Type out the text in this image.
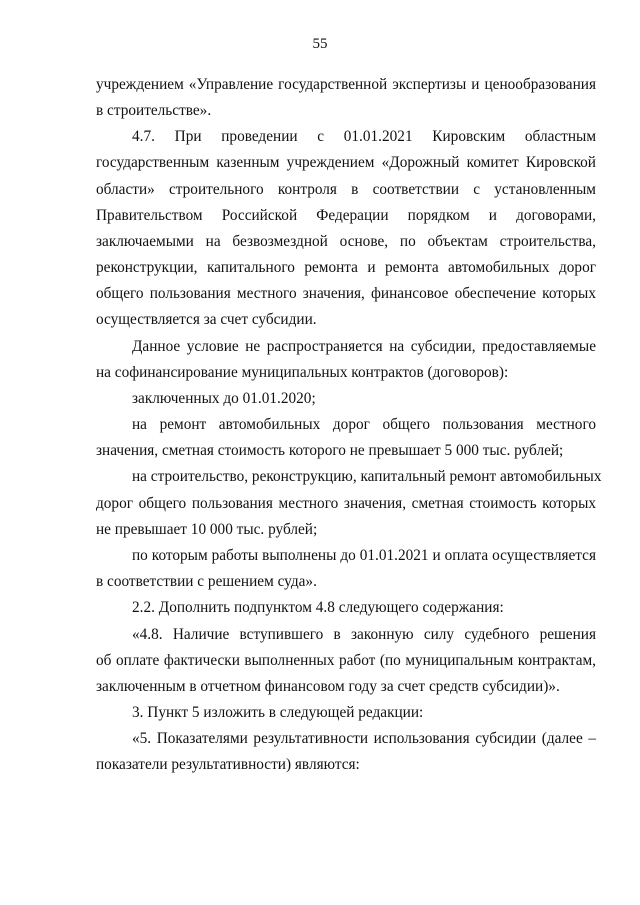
55
учреждением «Управление государственной экспертизы и ценообразования
в строительстве».
4.7. При проведении с 01.01.2021 Кировским областным
государственным казенным учреждением «Дорожный комитет Кировской
области» строительного контроля в соответствии с установленным
Правительством Российской Федерации порядком и договорами,
заключаемыми на безвозмездной основе, по объектам строительства,
реконструкции, капитального ремонта и ремонта автомобильных дорог
общего пользования местного значения, финансовое обеспечение которых
осуществляется за счет субсидии.
Данное условие не распространяется на субсидии, предоставляемые
на софинансирование муниципальных контрактов (договоров):
заключенных до 01.01.2020;
на ремонт автомобильных дорог общего пользования местного
значения, сметная стоимость которого не превышает 5 000 тыс. рублей;
на строительство, реконструкцию, капитальный ремонт автомобильных
дорог общего пользования местного значения, сметная стоимость которых
не превышает 10 000 тыс. рублей;
по которым работы выполнены до 01.01.2021 и оплата осуществляется
в соответствии с решением суда».
2.2. Дополнить подпунктом 4.8 следующего содержания:
«4.8. Наличие вступившего в законную силу судебного решения
об оплате фактически выполненных работ (по муниципальным контрактам,
заключенным в отчетном финансовом году за счет средств субсидии)».
3. Пункт 5 изложить в следующей редакции:
«5. Показателями результативности использования субсидии (далее –
показатели результативности) являются:
